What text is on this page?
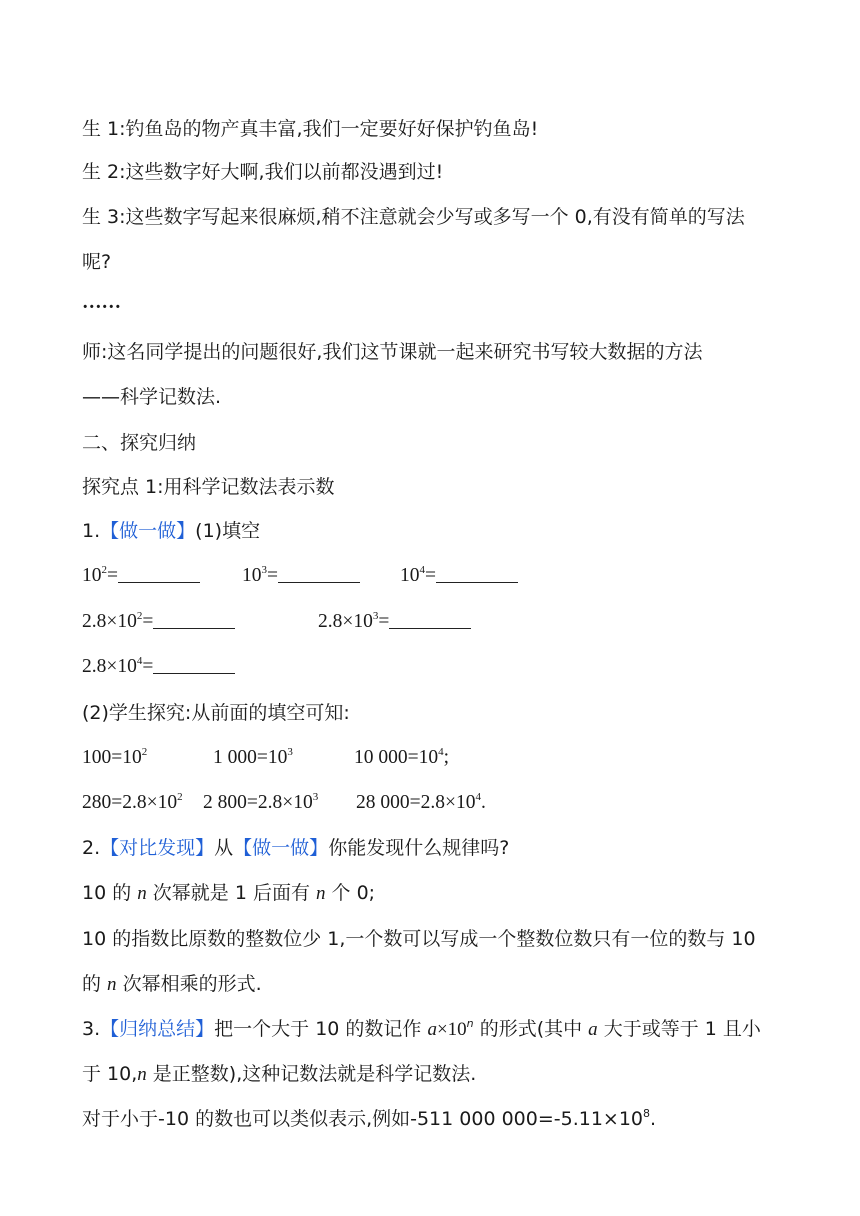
生 1:钓鱼岛的物产真丰富,我们一定要好好保护钓鱼岛!
生 2:这些数字好大啊,我们以前都没遇到过!
生 3:这些数字写起来很麻烦,稍不注意就会少写或多写一个 0,有没有简单的写法
呢?
……
师:这名同学提出的问题很好,我们这节课就一起来研究书写较大数据的方法
——科学记数法.
二、探究归纳
探究点 1:用科学记数法表示数
1.【做一做】(1)填空
$10^2=$	$10^3=$	$10^4=$
$2.8\times 10^2=$	$2.8\times 10^3=$
$2.8\times 10^4=$
(2)学生探究:从前面的填空可知:
$100=10^2$	1 $000=10^3$	10 $000=10^4$;
$280=2.8\times 10^2$ 2 $800=2.8\times 10^3$ 28 $000=2.8\times 10^4$.
2.【对比发现】从【做一做】你能发现什么规律吗?
10 的 n 次幂就是 1 后面有 n 个 0;
10 的指数比原数的整数位少 1,一个数可以写成一个整数位数只有一位的数与 10
的 n 次幂相乘的形式.
3.【归纳总结】把一个大于 10 的数记作 $a\times 10^n$ 的形式(其中 a 大于或等于 1 且小
于 10,n 是正整数),这种记数法就是科学记数法.
对于小于-10 的数也可以类似表示,例如-511 000 $000=-5.11\times 10^8$.
